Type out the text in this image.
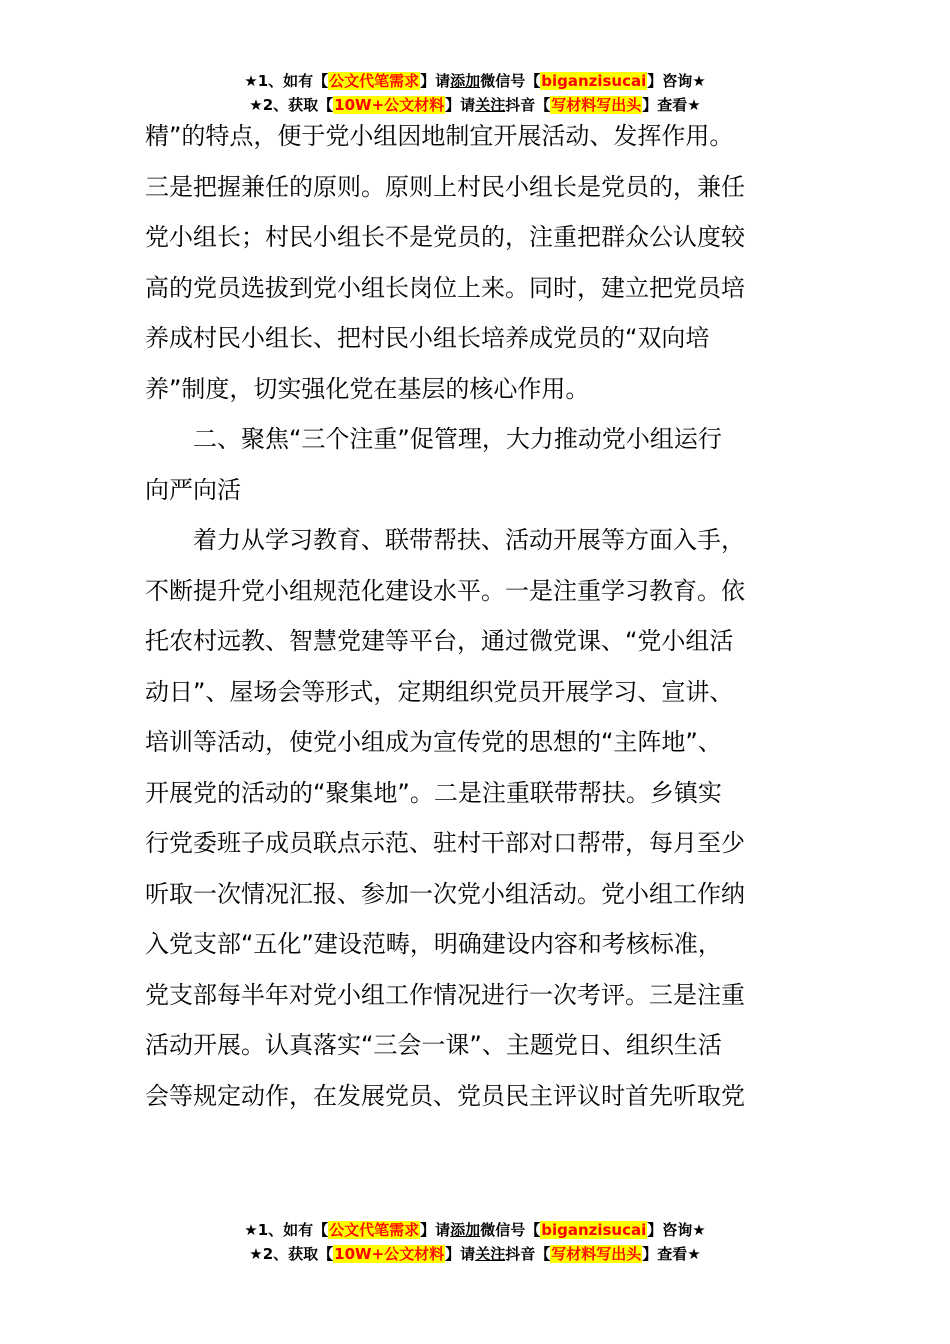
★1、如有【公文代笔需求】请添加微信号【biganzisucai】咨询★
★2、获取【10W+公文材料】请关注抖音【写材料写出头】查看★
精”的特点，便于党小组因地制宜开展活动、发挥作用。
三是把握兼任的原则。原则上村民小组长是党员的，兼任
党小组长；村民小组长不是党员的，注重把群众公认度较
高的党员选拔到党小组长岗位上来。同时，建立把党员培
养成村民小组长、把村民小组长培养成党员的“双向培
养”制度，切实强化党在基层的核心作用。
　　二、聚焦“三个注重”促管理，大力推动党小组运行
向严向活
　　着力从学习教育、联带帮扶、活动开展等方面入手，
不断提升党小组规范化建设水平。一是注重学习教育。依
托农村远教、智慧党建等平台，通过微党课、“党小组活
动日”、屋场会等形式，定期组织党员开展学习、宣讲、
培训等活动，使党小组成为宣传党的思想的“主阵地”、
开展党的活动的“聚集地”。二是注重联带帮扶。乡镇实
行党委班子成员联点示范、驻村干部对口帮带，每月至少
听取一次情况汇报、参加一次党小组活动。党小组工作纳
入党支部“五化”建设范畴，明确建设内容和考核标准，
党支部每半年对党小组工作情况进行一次考评。三是注重
活动开展。认真落实“三会一课”、主题党日、组织生活
会等规定动作，在发展党员、党员民主评议时首先听取党
★1、如有【公文代笔需求】请添加微信号【biganzisucai】咨询★
★2、获取【10W+公文材料】请关注抖音【写材料写出头】查看★
